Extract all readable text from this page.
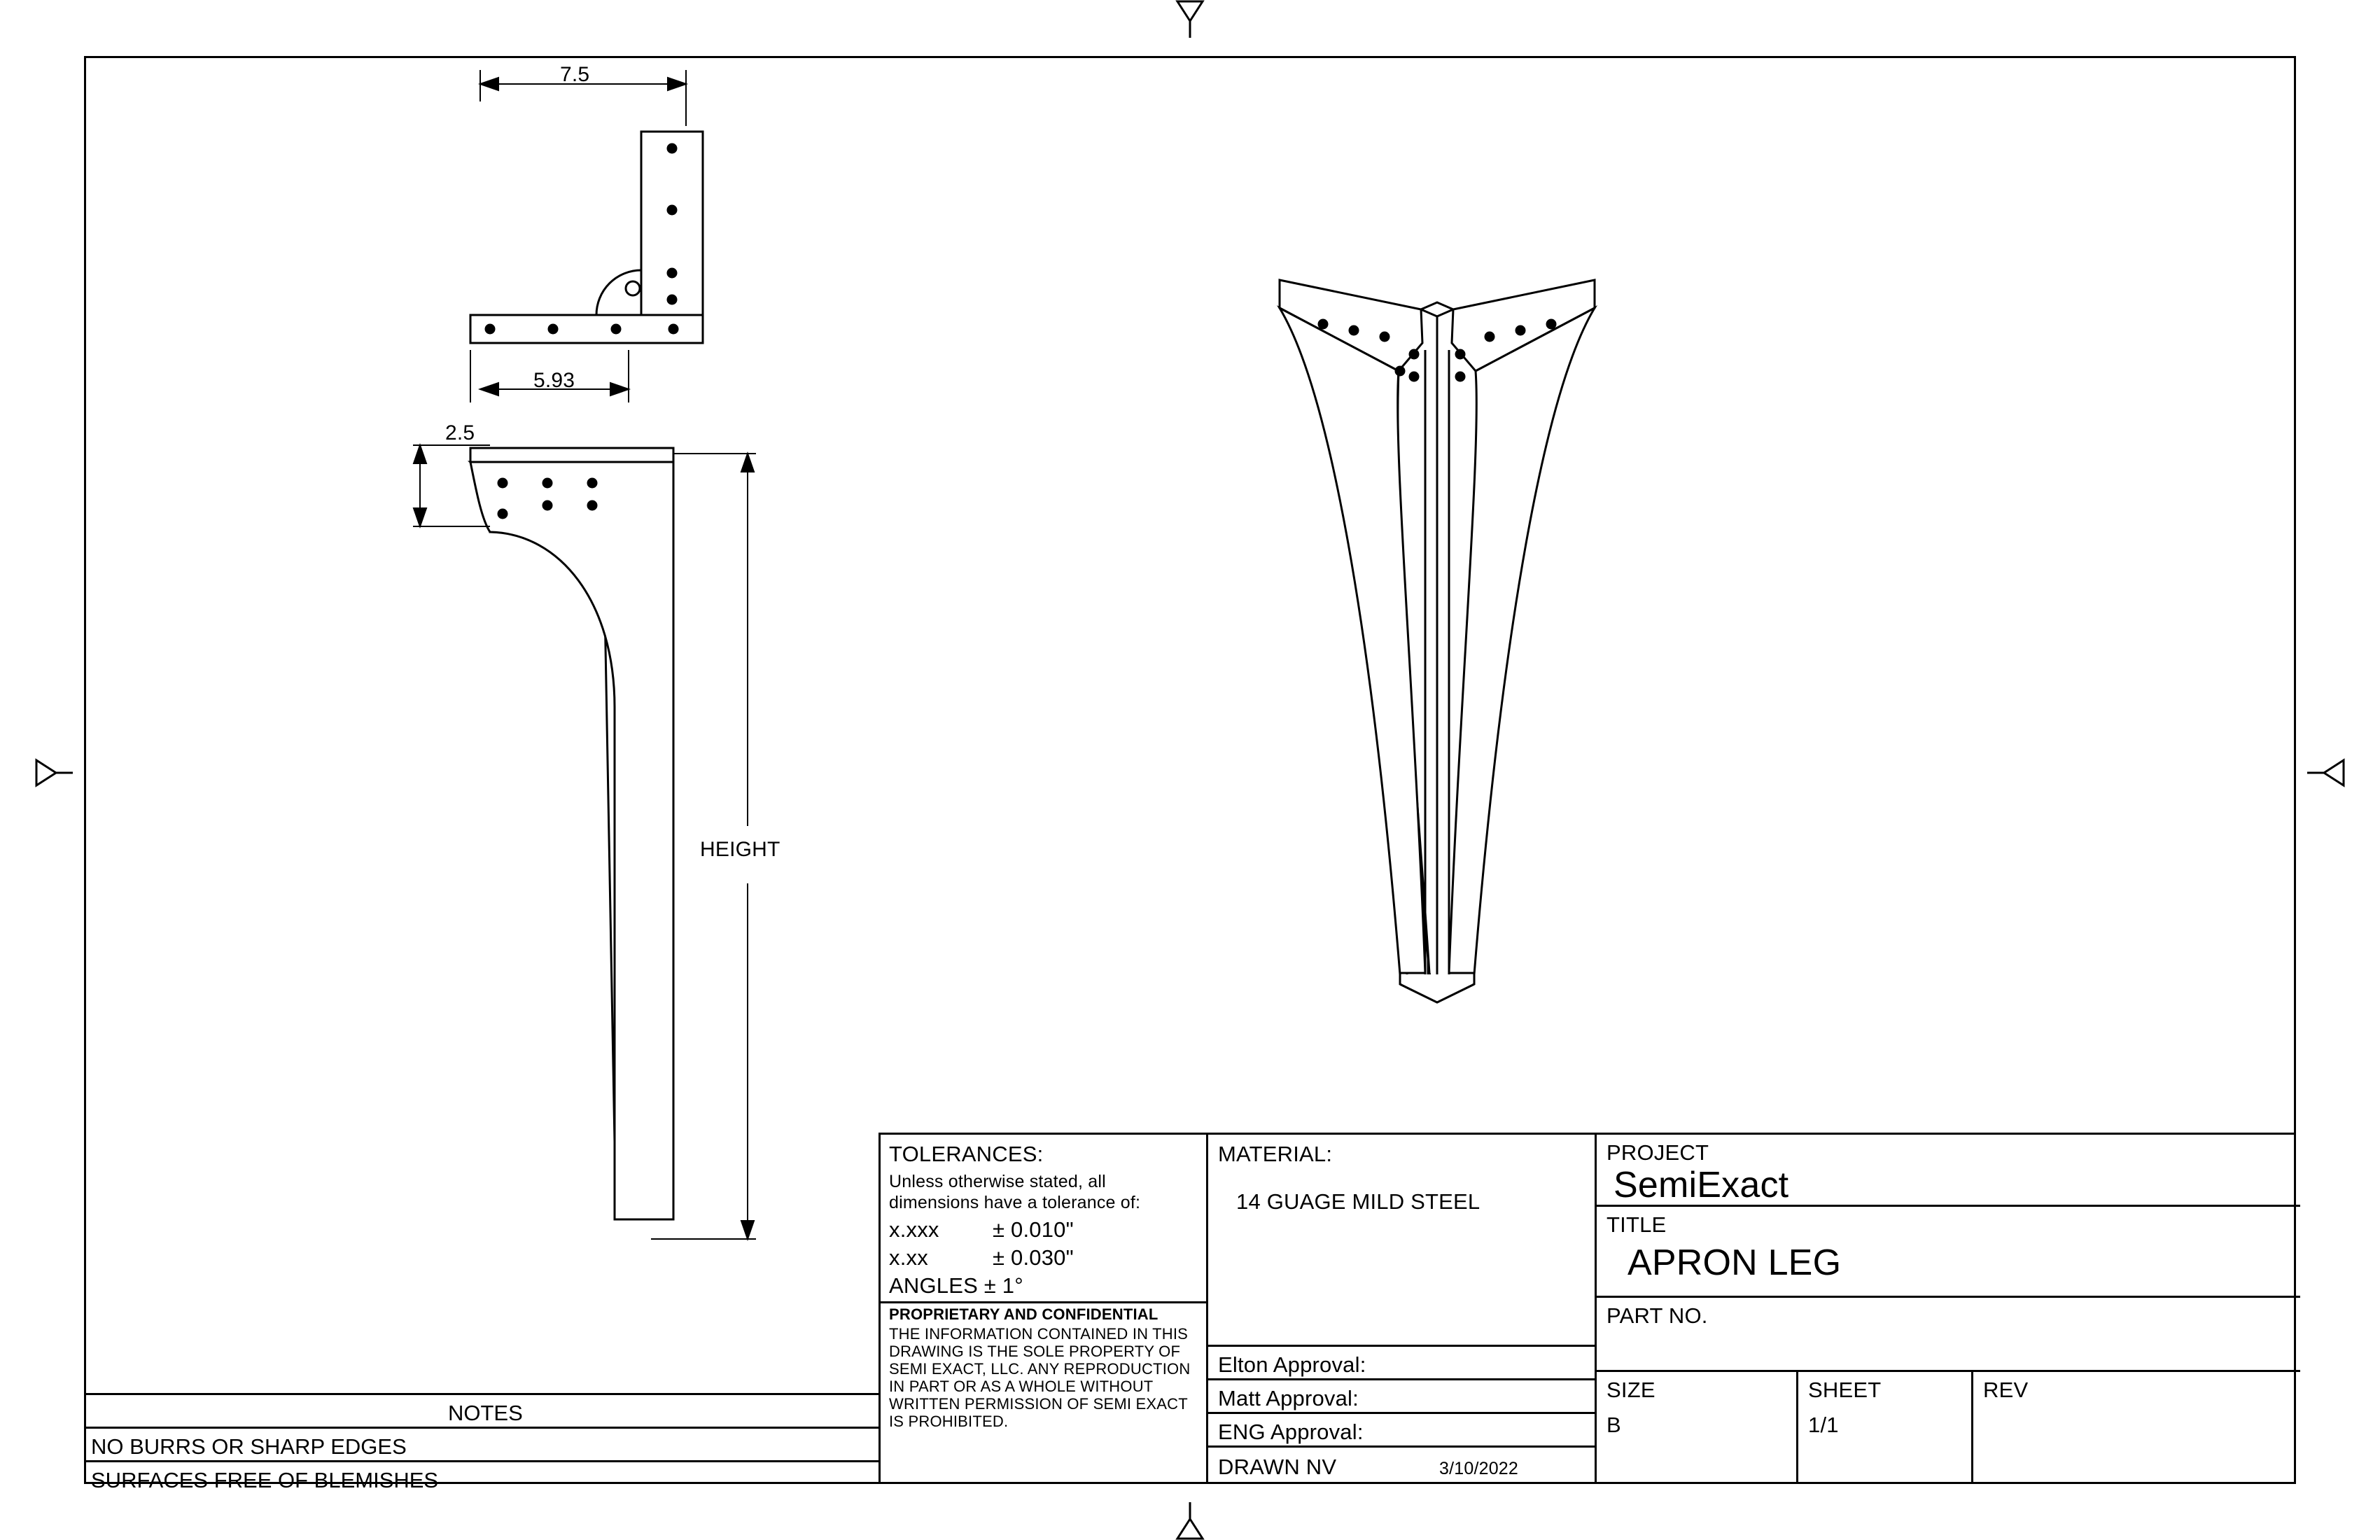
7.5
5.93
2.5
HEIGHT
NOTES
NO BURRS OR SHARP EDGES
SURFACES FREE OF BLEMISHES
TOLERANCES:
Unless otherwise stated, all dimensions have a tolerance of:
x.xxx ± 0.010"
x.xx	± 0.030"
ANGLES ± 1°
PROPRIETARY AND CONFIDENTIAL
THE INFORMATION CONTAINED IN THIS DRAWING IS THE SOLE PROPERTY OF SEMI EXACT, LLC. ANY REPRODUCTION IN PART OR AS A WHOLE WITHOUT WRITTEN PERMISSION OF SEMI EXACT IS PROHIBITED.
MATERIAL:
14 GUAGE MILD STEEL
Elton Approval:
Matt Approval:
ENG Approval:
DRAWN NV	3/10/2022
PROJECT
SemiExact
TITLE
APRON LEG
PART NO.
SIZE
B
SHEET
1/1
REV
